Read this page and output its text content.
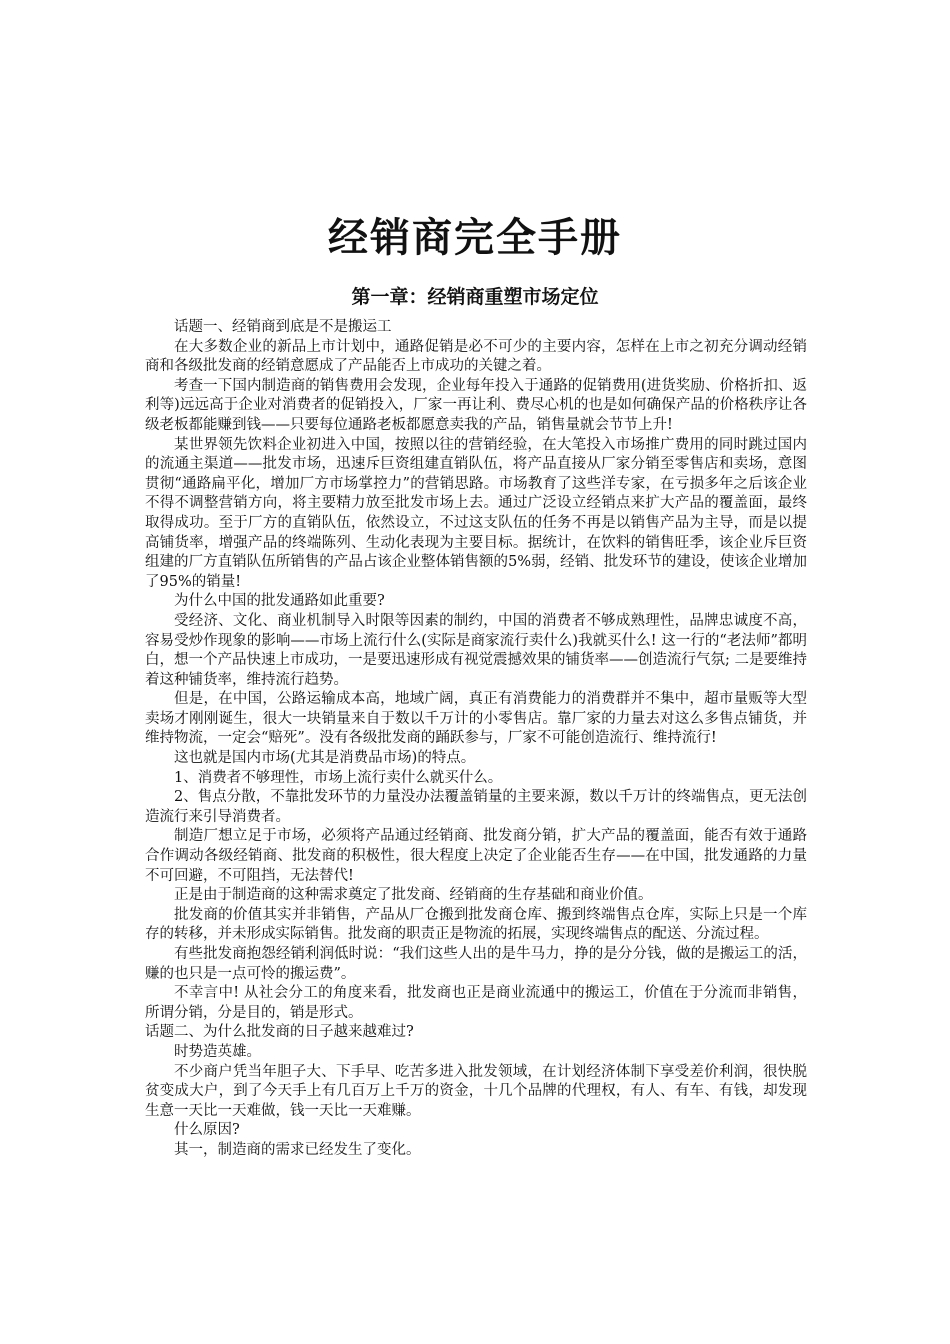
经销商完全手册
第一章：经销商重塑市场定位

话题一、经销商到底是不是搬运工

在大多数企业的新品上市计划中，通路促销是必不可少的主要内容，怎样在上市之初充分调动经销商和各级批发商的经销意愿成了产品能否上市成功的关键之着。

考查一下国内制造商的销售费用会发现，企业每年投入于通路的促销费用(进货奖励、价格折扣、返利等)远远高于企业对消费者的促销投入，厂家一再让利、费尽心机的也是如何确保产品的价格秩序让各级老板都能赚到钱——只要每位通路老板都愿意卖我的产品，销售量就会节节上升!

某世界领先饮料企业初进入中国，按照以往的营销经验，在大笔投入市场推广费用的同时跳过国内的流通主渠道——批发市场，迅速斥巨资组建直销队伍，将产品直接从厂家分销至零售店和卖场，意图贯彻“通路扁平化，增加厂方市场掌控力”的营销思路。市场教育了这些洋专家，在亏损多年之后该企业不得不调整营销方向，将主要精力放至批发市场上去。通过广泛设立经销点来扩大产品的覆盖面，最终取得成功。至于厂方的直销队伍，依然设立，不过这支队伍的任务不再是以销售产品为主导，而是以提高铺货率，增强产品的终端陈列、生动化表现为主要目标。据统计，在饮料的销售旺季，该企业斥巨资组建的厂方直销队伍所销售的产品占该企业整体销售额的5%弱，经销、批发环节的建设，使该企业增加了95%的销量!

为什么中国的批发通路如此重要?

受经济、文化、商业机制导入时限等因素的制约，中国的消费者不够成熟理性，品牌忠诚度不高，容易受炒作现象的影响——市场上流行什么(实际是商家流行卖什么)我就买什么! 这一行的“老法师”都明白，想一个产品快速上市成功，一是要迅速形成有视觉震撼效果的铺货率——创造流行气氛; 二是要维持着这种铺货率，维持流行趋势。

但是，在中国，公路运输成本高，地域广阔，真正有消费能力的消费群并不集中，超市量贩等大型卖场才刚刚诞生，很大一块销量来自于数以千万计的小零售店。靠厂家的力量去对这么多售点铺货，并维持物流，一定会“赔死”。没有各级批发商的踊跃参与，厂家不可能创造流行、维持流行!

这也就是国内市场(尤其是消费品市场)的特点。

1、消费者不够理性，市场上流行卖什么就买什么。

2、售点分散，不靠批发环节的力量没办法覆盖销量的主要来源，数以千万计的终端售点，更无法创造流行来引导消费者。

制造厂想立足于市场，必须将产品通过经销商、批发商分销，扩大产品的覆盖面，能否有效于通路合作调动各级经销商、批发商的积极性，很大程度上决定了企业能否生存——在中国，批发通路的力量不可回避，不可阻挡，无法替代!

正是由于制造商的这种需求奠定了批发商、经销商的生存基础和商业价值。

批发商的价值其实并非销售，产品从厂仓搬到批发商仓库、搬到终端售点仓库，实际上只是一个库存的转移，并未形成实际销售。批发商的职责正是物流的拓展，实现终端售点的配送、分流过程。

有些批发商抱怨经销利润低时说：“我们这些人出的是牛马力，挣的是分分钱，做的是搬运工的活，赚的也只是一点可怜的搬运费”。

不幸言中! 从社会分工的角度来看，批发商也正是商业流通中的搬运工，价值在于分流而非销售，所谓分销，分是目的，销是形式。

话题二、为什么批发商的日子越来越难过?

时势造英雄。

不少商户凭当年胆子大、下手早、吃苦多进入批发领域，在计划经济体制下享受差价利润，很快脱贫变成大户，到了今天手上有几百万上千万的资金，十几个品牌的代理权，有人、有车、有钱，却发现生意一天比一天难做，钱一天比一天难赚。

什么原因?

其一，制造商的需求已经发生了变化。
